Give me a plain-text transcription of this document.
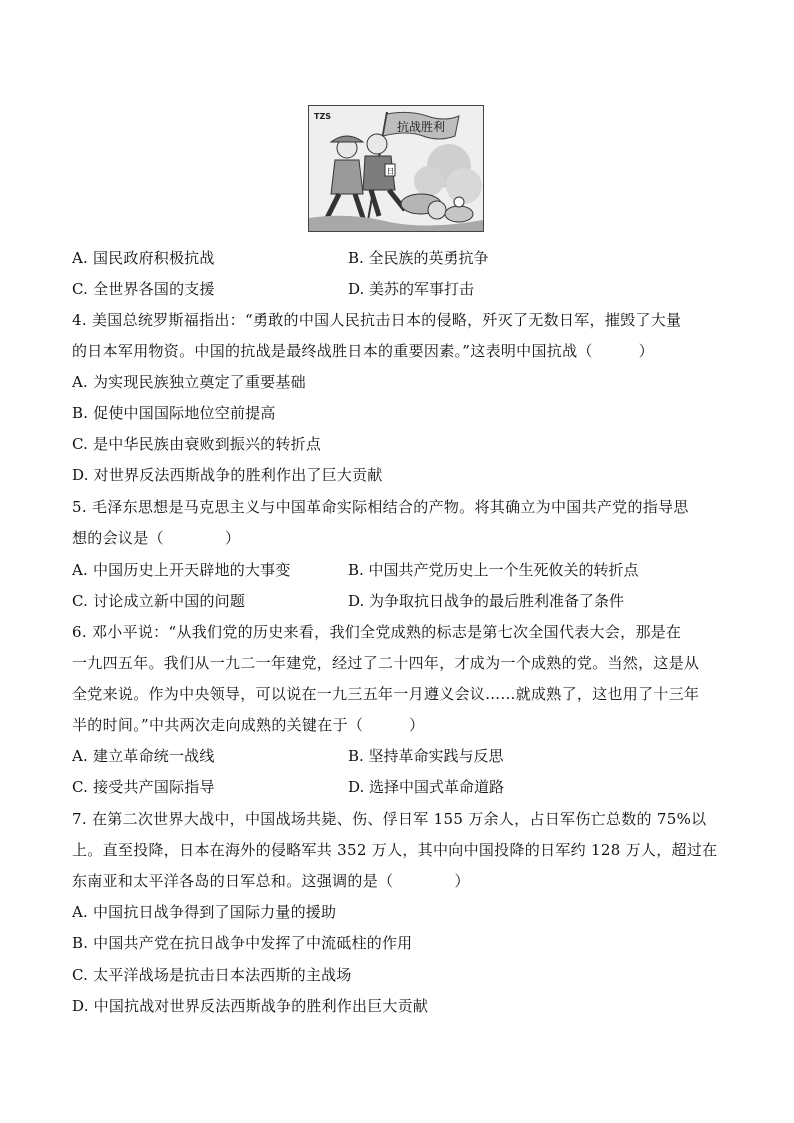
抗战胜利
日
TZS
A. 国民政府积极抗战	B. 全民族的英勇抗争
C. 全世界各国的支援	D. 美苏的军事打击
4. 美国总统罗斯福指出：“勇敢的中国人民抗击日本的侵略，歼灭了无数日军，摧毁了大量
的日本军用物资。中国的抗战是最终战胜日本的重要因素。”这表明中国抗战（　　　）
A. 为实现民族独立奠定了重要基础
B. 促使中国国际地位空前提高
C. 是中华民族由衰败到振兴的转折点
D. 对世界反法西斯战争的胜利作出了巨大贡献
5. 毛泽东思想是马克思主义与中国革命实际相结合的产物。将其确立为中国共产党的指导思
想的会议是（　　　　）
A. 中国历史上开天辟地的大事变	B. 中国共产党历史上一个生死攸关的转折点
C. 讨论成立新中国的问题	D. 为争取抗日战争的最后胜利准备了条件
6. 邓小平说：“从我们党的历史来看，我们全党成熟的标志是第七次全国代表大会，那是在
一九四五年。我们从一九二一年建党，经过了二十四年，才成为一个成熟的党。当然，这是从
全党来说。作为中央领导，可以说在一九三五年一月遵义会议……就成熟了，这也用了十三年
半的时间。”中共两次走向成熟的关键在于（　　　）
A. 建立革命统一战线	B. 坚持革命实践与反思
C. 接受共产国际指导	D. 选择中国式革命道路
7. 在第二次世界大战中，中国战场共毙、伤、俘日军 155 万余人，占日军伤亡总数的 75%以
上。直至投降，日本在海外的侵略军共 352 万人，其中向中国投降的日军约 128 万人，超过在
东南亚和太平洋各岛的日军总和。这强调的是（　　　　）
A. 中国抗日战争得到了国际力量的援助
B. 中国共产党在抗日战争中发挥了中流砥柱的作用
C. 太平洋战场是抗击日本法西斯的主战场
D. 中国抗战对世界反法西斯战争的胜利作出巨大贡献
